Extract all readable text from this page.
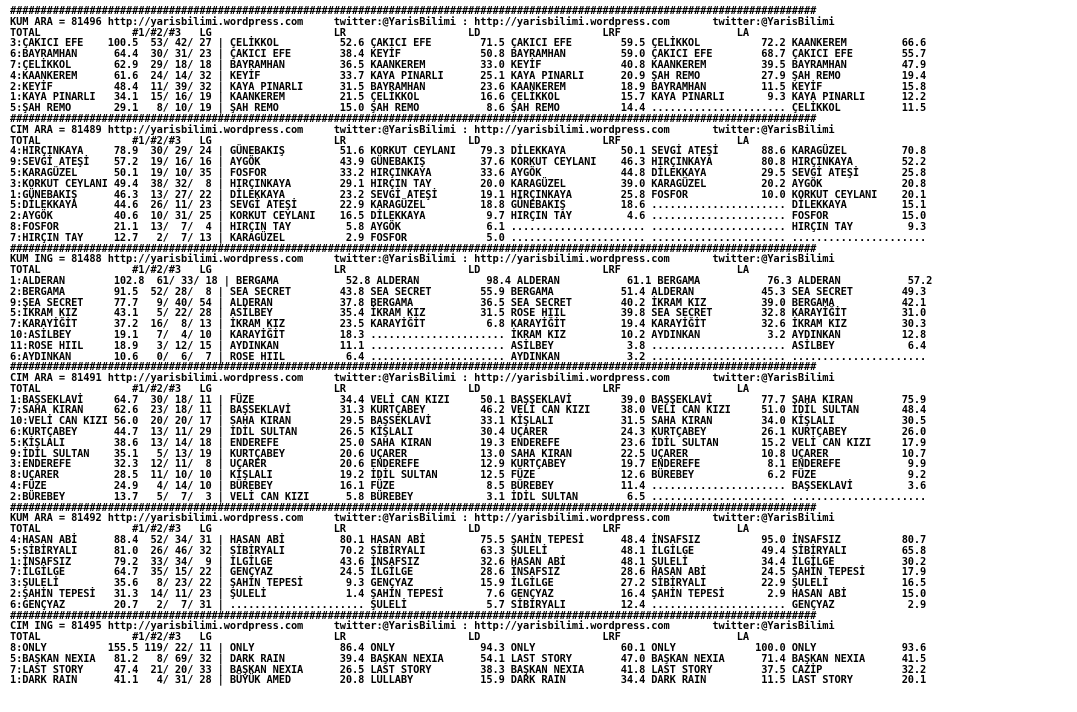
####################################################################################################################################
KUM ARA = 81496 http://yarisbilimi.wordpress.com     twitter:@YarisBilimi : http://yarisbilimi.wordpress.com       twitter:@YarisBilimi
TOTAL               #1/#2/#3   LG                    LR                    LD                    LRF                   LA
3:ÇAKICI EFE    100.5  53/ 42/ 27 | ÇELİKKOL          52.6 ÇAKICI EFE        71.5 ÇAKICI EFE        59.5 ÇELİKKOL          72.2 KAANKEREM         66.6
6:BAYRAMHAN      64.4  30/ 31/ 23 | ÇAKICI EFE        38.4 KEYİF             50.8 BAYRAMHAN         59.0 ÇAKICI EFE        68.7 ÇAKICI EFE        55.7
7:ÇELİKKOL       62.9  29/ 18/ 18 | BAYRAMHAN         36.5 KAANKEREM         33.0 KEYİF             40.8 KAANKEREM         39.5 BAYRAMHAN         47.9
4:KAANKEREM      61.6  24/ 14/ 32 | KEYİF             33.7 KAYA PINARLI      25.1 KAYA PINARLI      20.9 ŞAH REMO          27.9 ŞAH REMO          19.4
2:KEYİF          48.4  11/ 39/ 32 | KAYA PINARLI      31.5 BAYRAMHAN         23.6 KAANKEREM         18.9 BAYRAMHAN         11.5 KEYİF             15.8
1:KAYA PINARLI   34.1  15/ 16/ 19 | KAANKEREM         21.5 ÇELİKKOL          16.6 ÇELİKKOL          15.7 KAYA PINARLI       9.3 KAYA PINARLI      12.2
5:ŞAH REMO       29.1   8/ 10/ 19 | ŞAH REMO          15.0 ŞAH REMO           8.6 ŞAH REMO          14.4 ...................... ÇELİKKOL          11.5
####################################################################################################################################
CIM ARA = 81489 http://yarisbilimi.wordpress.com     twitter:@YarisBilimi : http://yarisbilimi.wordpress.com       twitter:@YarisBilimi
TOTAL               #1/#2/#3   LG                    LR                    LD                    LRF                   LA
4:HIRÇINKAYA     78.9  30/ 29/ 24 | GÜNEBAKIŞ         51.6 KORKUT CEYLANI    79.3 DİLEKKAYA         50.1 SEVGİ ATEŞİ       88.6 KARAGÜZEL         70.8
9:SEVGİ ATEŞİ    57.2  19/ 16/ 16 | AYGÖK             43.9 GÜNEBAKIŞ         37.6 KORKUT CEYLANI    46.3 HIRÇINKAYA        80.8 HIRÇINKAYA        52.2
5:KARAGÜZEL      50.1  19/ 10/ 35 | FOSFOR            33.2 HIRÇINKAYA        33.6 AYGÖK             44.8 DİLEKKAYA         29.5 SEVGİ ATEŞİ       25.8
3:KORKUT CEYLANI 49.4  38/ 32/  8 | HIRÇINKAYA        29.1 HIRÇIN TAY        20.0 KARAGÜZEL         39.0 KARAGÜZEL         20.2 AYGÖK             20.8
1:GÜNEBAKIŞ      46.3  13/ 27/ 22 | DİLEKKAYA         23.2 SEVGİ ATEŞİ       19.1 HIRÇINKAYA        25.8 FOSFOR            10.0 KORKUT CEYLANI    20.1
5:DİLEKKAYA      44.6  26/ 11/ 23 | SEVGİ ATEŞİ       22.9 KARAGÜZEL         18.8 GÜNEBAKIŞ         18.6 ...................... DİLEKKAYA         15.1
2:AYGÖK          40.6  10/ 31/ 25 | KORKUT CEYLANI    16.5 DİLEKKAYA          9.7 HIRÇIN TAY         4.6 ...................... FOSFOR            15.0
8:FOSFOR         21.1  13/  7/  4 | HIRÇIN TAY         5.8 AYGÖK              6.1 ...................... ...................... HIRÇIN TAY         9.3
7:HIRÇIN TAY     12.7   2/  7/ 13 | KARAGÜZEL          2.9 FOSFOR             5.0 ...................... ...................... ......................
####################################################################################################################################
KUM ING = 81488 http://yarisbilimi.wordpress.com     twitter:@YarisBilimi : http://yarisbilimi.wordpress.com       twitter:@YarisBilimi
TOTAL               #1/#2/#3   LG                    LR                    LD                    LRF                   LA
1:ALDERAN        102.8  61/ 33/ 18 | BERGAMA           52.8 ALDERAN           98.4 ALDERAN           61.1 BERGAMA           76.3 ALDERAN           57.2
2:BERGAMA        91.5  52/ 28/  8 | SEA SECRET        43.8 SEA SECRET        55.9 BERGAMA           51.4 ALDERAN           45.3 SEA SECRET        49.3
9:SEA SECRET     77.7   9/ 40/ 54 | ALDERAN           37.8 BERGAMA           36.5 SEA SECRET        40.2 İKRAM KIZ         39.0 BERGAMA           42.1
5:İKRAM KIZ      43.1   5/ 22/ 28 | ASİLBEY           35.4 İKRAM KIZ         31.5 ROSE HIIL         39.8 SEA SECRET        32.8 KARAYİĞİT         31.0
7:KARAYİĞİT      37.2  16/  8/ 13 | İKRAM KIZ         23.5 KARAYİĞİT          6.8 KARAYİĞİT         19.4 KARAYİĞİT         32.6 İKRAM KIZ         30.3
10:ASİLBEY       19.1   7/  4/ 10 | KARAYİĞİT         18.3 ...................... İKRAM KIZ         10.2 AYDINKAN           3.2 AYDINKAN          12.8
11:ROSE HIIL     18.9   3/ 12/ 15 | AYDINKAN          11.1 ...................... ASİLBEY            3.8 ...................... ASİLBEY            6.4
6:AYDINKAN       10.6   0/  6/  7 | ROSE HIIL          6.4 ...................... AYDINKAN           3.2 ...................... ......................
####################################################################################################################################
CIM ARA = 81491 http://yarisbilimi.wordpress.com     twitter:@YarisBilimi : http://yarisbilimi.wordpress.com       twitter:@YarisBilimi
TOTAL               #1/#2/#3   LG                    LR                    LD                    LRF                   LA
1:BAŞSEKLAVİ     64.7  30/ 18/ 11 | FÜZE              34.4 VELİ CAN KIZI     50.1 BAŞSEKLAVİ        39.0 BAŞSEKLAVİ        77.7 SAHA KIRAN        75.9
7:SAHA KIRAN     62.6  23/ 18/ 11 | BAŞSEKLAVİ        31.3 KURTÇABEY         46.2 VELİ CAN KIZI     38.0 VELİ CAN KIZI     51.0 İDİL SULTAN       48.4
10:VELİ CAN KIZI 56.0  20/ 20/ 17 | SAHA KIRAN        29.5 BAŞSEKLAVİ        33.1 KİŞLALI           31.5 SAHA KIRAN        34.0 KİŞLALI           30.5
6:KURTÇABEY      44.7  13/ 11/ 29 | İDİL SULTAN       26.5 KİŞLALI           30.4 UÇARER            24.3 KURTÇABEY         26.1 KURTÇABEY         26.0
5:KİŞLALI        38.6  13/ 14/ 18 | ENDEREFE          25.0 SAHA KIRAN        19.3 ENDEREFE          23.6 İDİL SULTAN       15.2 VELİ CAN KIZI     17.9
9:İDİL SULTAN    35.1   5/ 13/ 19 | KURTÇABEY         20.6 UÇARER            13.0 SAHA KIRAN        22.5 UÇARER            10.8 UÇARER            10.7
3:ENDEREFE       32.3  12/ 11/  8 | UÇARER            20.6 ENDEREFE          12.9 KURTÇABEY         19.7 ENDEREFE           8.1 ENDEREFE           9.9
8:UÇARER         28.5  11/ 10/ 10 | KİŞLALI           19.2 İDİL SULTAN       12.5 FÜZE              12.6 BÜREBEY            6.2 FÜZE               9.2
4:FÜZE           24.9   4/ 14/ 10 | BÜREBEY           16.1 FÜZE               8.5 BÜREBEY           11.4 ...................... BAŞSEKLAVİ         3.6
2:BÜREBEY        13.7   5/  7/  3 | VELİ CAN KIZI      5.8 BÜREBEY            3.1 İDİL SULTAN        6.5 ...................... ......................
####################################################################################################################################
KUM ARA = 81492 http://yarisbilimi.wordpress.com     twitter:@YarisBilimi : http://yarisbilimi.wordpress.com       twitter:@YarisBilimi
TOTAL               #1/#2/#3   LG                    LR                    LD                    LRF                   LA
4:HASAN ABİ      88.4  52/ 34/ 31 | HASAN ABİ         80.1 HASAN ABİ         75.5 ŞAHİN TEPESİ      48.4 İNSAFSIZ          95.0 İNSAFSIZ          80.7
5:SİBİRYALI      81.0  26/ 46/ 32 | SİBİRYALI         70.2 SİBİRYALI         63.3 ŞULELİ            48.1 İLGİLGE           49.4 SİBİRYALI         65.8
1:İNSAFSIZ       79.2  33/ 34/  9 | İLGİLGE           43.6 İNSAFSIZ          32.6 HASAN ABİ         48.1 ŞULELİ            34.4 İLGİLGE           30.2
7:İLGİLGE        64.7  35/ 15/ 22 | GENÇYAZ           24.5 İLGİLGE           28.6 İNSAFSIZ          28.6 HASAN ABİ         24.5 ŞAHİN TEPESİ      17.9
3:ŞULELİ         35.6   8/ 23/ 22 | ŞAHİN TEPESİ       9.3 GENÇYAZ           15.9 İLGİLGE           27.2 SİBİRYALI         22.9 ŞULELİ            16.5
2:ŞAHİN TEPESİ   31.3  14/ 11/ 23 | ŞULELİ             1.4 ŞAHİN TEPESİ       7.6 GENÇYAZ           16.4 ŞAHİN TEPESİ       2.9 HASAN ABİ         15.0
6:GENÇYAZ        20.7   2/  7/ 31 | ...................... ŞULELİ             5.7 SİBİRYALI         12.4 ...................... GENÇYAZ            2.9
####################################################################################################################################
CIM ING = 81495 http://yarisbilimi.wordpress.com     twitter:@YarisBilimi : http://yarisbilimi.wordpress.com       twitter:@YarisBilimi
TOTAL               #1/#2/#3   LG                    LR                    LD                    LRF                   LA
8:ONLY          155.5 119/ 22/ 11 | ONLY              86.4 ONLY              94.3 ONLY              60.1 ONLY             100.0 ONLY              93.6
5:BAŞKAN NEXIA   81.2   8/ 69/ 32 | DARK RAIN         39.4 BAŞKAN NEXIA      54.1 LAST STORY        47.0 BAŞKAN NEXIA      71.4 BAŞKAN NEXIA      41.5
7:LAST STORY     47.4  21/ 20/ 33 | BAŞKAN NEXIA      26.5 LAST STORY        38.3 BAŞKAN NEXIA      41.8 LAST STORY        37.5 CAZİP             32.2
1:DARK RAIN      41.1   4/ 31/ 28 | BÜYÜK AMED        20.8 LULLABY           15.9 DARK RAIN         34.4 DARK RAIN         11.5 LAST STORY        20.1
